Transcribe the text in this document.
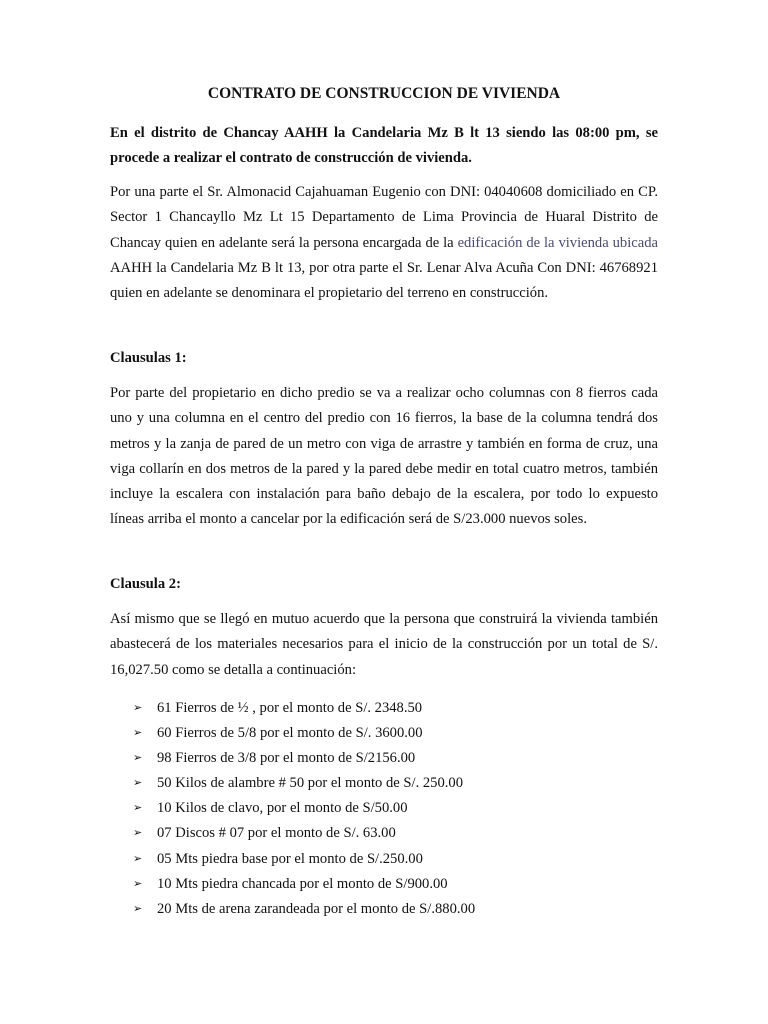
CONTRATO DE CONSTRUCCION DE VIVIENDA
En el distrito de Chancay AAHH la Candelaria Mz B lt 13 siendo las 08:00 pm, se procede a realizar el contrato de construcción de vivienda.
Por una parte el Sr. Almonacid Cajahuaman Eugenio con DNI: 04040608 domiciliado en CP. Sector 1 Chancayllo Mz Lt 15 Departamento de Lima Provincia de Huaral Distrito de Chancay quien en adelante será la persona encargada de la edificación de la vivienda ubicada AAHH la Candelaria Mz B lt 13, por otra parte el Sr. Lenar Alva Acuña Con DNI: 46768921 quien en adelante se denominara el propietario del terreno en construcción.
Clausulas 1:
Por parte del propietario en dicho predio se va a realizar ocho columnas con 8 fierros cada uno y una columna en el centro del predio con 16 fierros, la base de la columna tendrá dos metros y la zanja de pared de un metro con viga de arrastre y también en forma de cruz, una viga collarín en dos metros de la pared y la pared debe medir en total cuatro metros, también incluye la escalera con instalación para baño debajo de la escalera, por todo lo expuesto líneas arriba el monto a cancelar por la edificación será de S/23.000 nuevos soles.
Clausula 2:
Así mismo que se llegó en mutuo acuerdo que la persona que construirá la vivienda también abastecerá de los materiales necesarios para el inicio de la construcción por un total de S/. 16,027.50 como se detalla a continuación:
➢	61 Fierros de ½ , por el monto de S/. 2348.50
➢	60 Fierros de 5/8 por el monto de S/. 3600.00
➢	98 Fierros de 3/8 por el monto de S/2156.00
➢	50 Kilos de alambre # 50 por el monto de S/. 250.00
➢	10 Kilos de clavo, por el monto de S/50.00
➢	07 Discos # 07 por el monto de S/. 63.00
➢	05 Mts piedra base por el monto de S/.250.00
➢	10 Mts piedra chancada por el monto de S/900.00
➢	20 Mts de arena zarandeada por el monto de S/.880.00
